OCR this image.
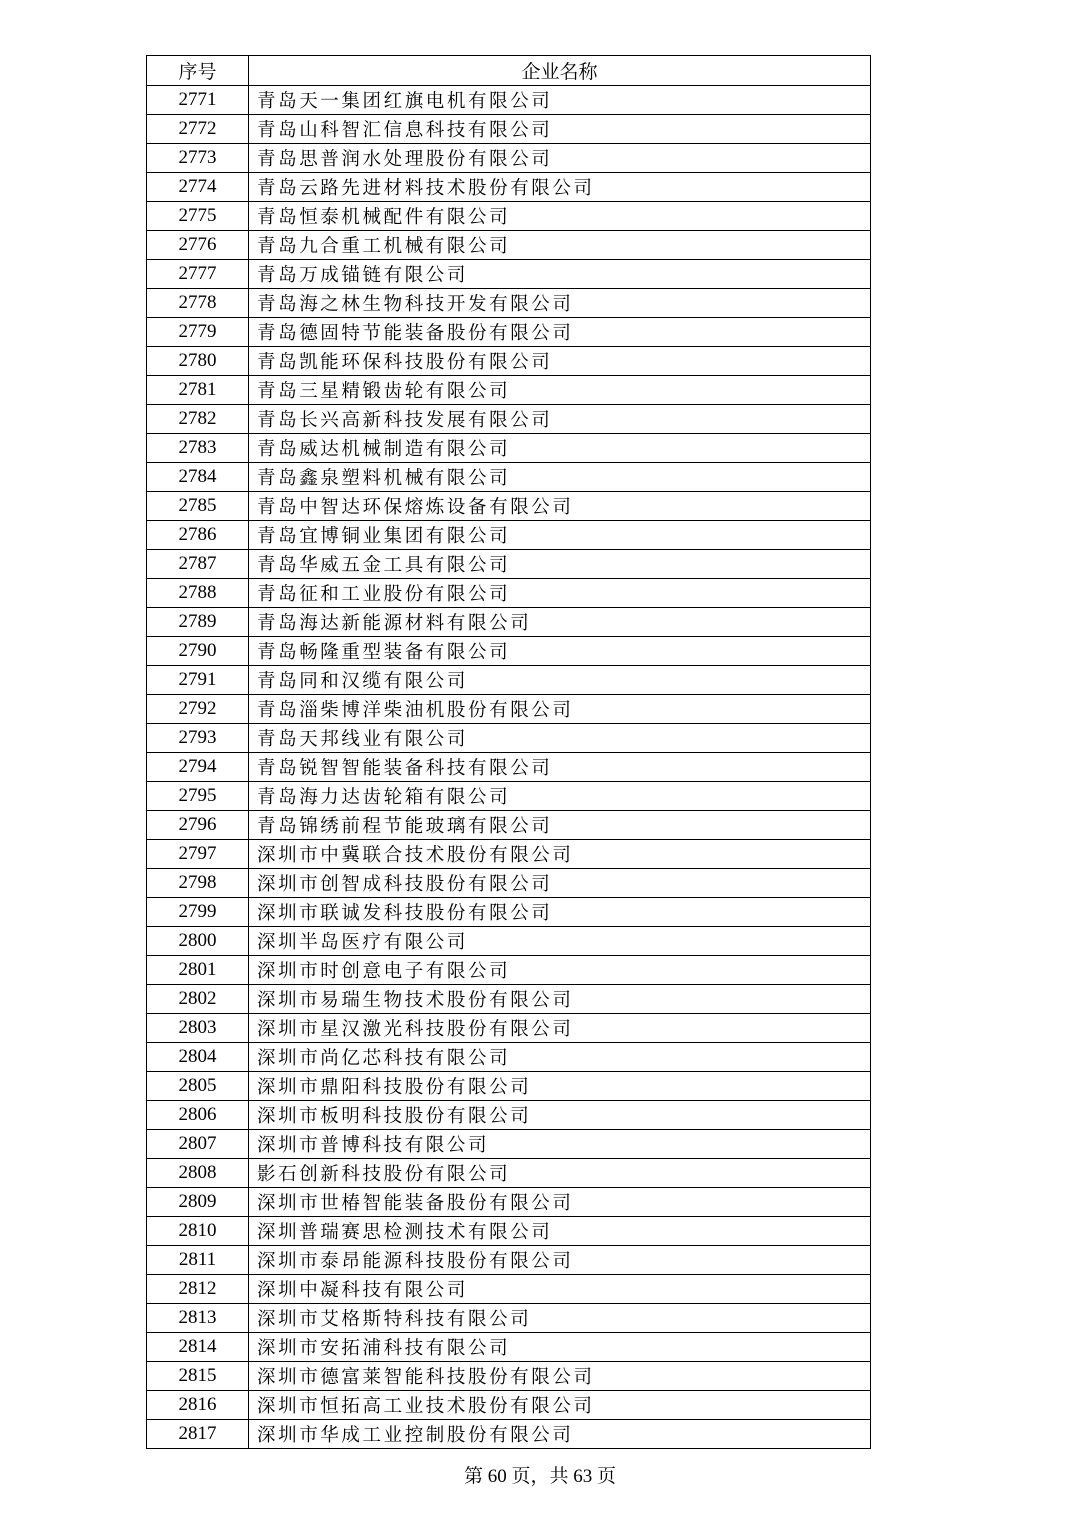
序号	企业名称
2771	青岛天一集团红旗电机有限公司
2772	青岛山科智汇信息科技有限公司
2773	青岛思普润水处理股份有限公司
2774	青岛云路先进材料技术股份有限公司
2775	青岛恒泰机械配件有限公司
2776	青岛九合重工机械有限公司
2777	青岛万成锚链有限公司
2778	青岛海之林生物科技开发有限公司
2779	青岛德固特节能装备股份有限公司
2780	青岛凯能环保科技股份有限公司
2781	青岛三星精锻齿轮有限公司
2782	青岛长兴高新科技发展有限公司
2783	青岛威达机械制造有限公司
2784	青岛鑫泉塑料机械有限公司
2785	青岛中智达环保熔炼设备有限公司
2786	青岛宜博铜业集团有限公司
2787	青岛华威五金工具有限公司
2788	青岛征和工业股份有限公司
2789	青岛海达新能源材料有限公司
2790	青岛畅隆重型装备有限公司
2791	青岛同和汉缆有限公司
2792	青岛淄柴博洋柴油机股份有限公司
2793	青岛天邦线业有限公司
2794	青岛锐智智能装备科技有限公司
2795	青岛海力达齿轮箱有限公司
2796	青岛锦绣前程节能玻璃有限公司
2797	深圳市中冀联合技术股份有限公司
2798	深圳市创智成科技股份有限公司
2799	深圳市联诚发科技股份有限公司
2800	深圳半岛医疗有限公司
2801	深圳市时创意电子有限公司
2802	深圳市易瑞生物技术股份有限公司
2803	深圳市星汉激光科技股份有限公司
2804	深圳市尚亿芯科技有限公司
2805	深圳市鼎阳科技股份有限公司
2806	深圳市板明科技股份有限公司
2807	深圳市普博科技有限公司
2808	影石创新科技股份有限公司
2809	深圳市世椿智能装备股份有限公司
2810	深圳普瑞赛思检测技术有限公司
2811	深圳市泰昂能源科技股份有限公司
2812	深圳中凝科技有限公司
2813	深圳市艾格斯特科技有限公司
2814	深圳市安拓浦科技有限公司
2815	深圳市德富莱智能科技股份有限公司
2816	深圳市恒拓高工业技术股份有限公司
2817	深圳市华成工业控制股份有限公司
第 60 页，共 63 页
